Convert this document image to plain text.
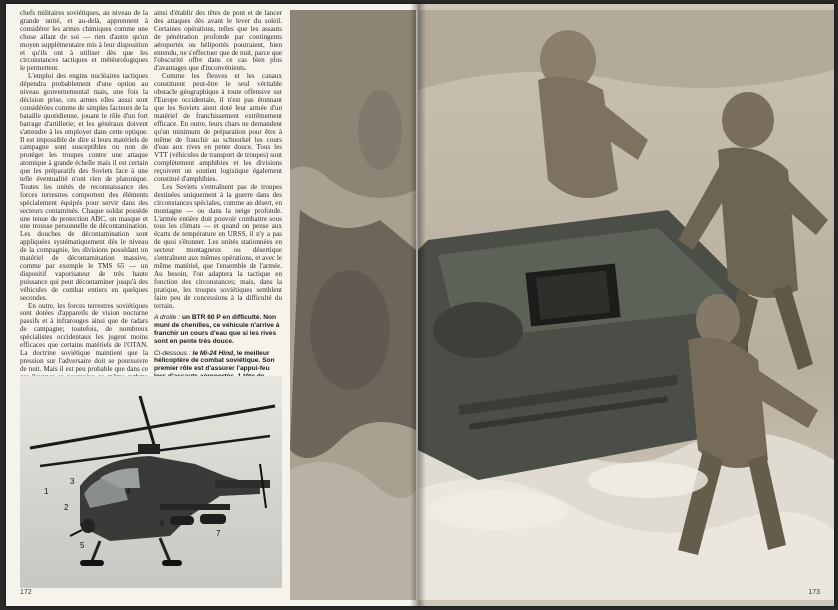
chefs militaires soviétiques, au niveau de la grande unité, et au-delà, apprennent à considérer les armes chimiques comme une chose allant de soi — rien d'autre qu'un moyen supplémentaire mis à leur disposition et qu'ils ont à utiliser dès que les circonstances tactiques et météorologiques le permettent.

L'emploi des engins nucléaires tactiques dépendra probablement d'une option au niveau gouvernemental mais, une fois la décision prise, ces armes elles aussi sont considérées comme de simples facteurs de la bataille quotidienne, jouant le rôle d'un fort barrage d'artillerie; et les généraux doivent s'attendre à les employer dans cette optique. Il est impossible de dire si leurs matériels de campagne sont susceptibles ou non de protéger les troupes contre une attaque atomique à grande échelle mais il est certain que les préparatifs des Soviets face à une telle éventualité n'ont rien de platonique. Toutes les unités de reconnaissance des forces terrestres comportent des éléments spécialement équipés pour servir dans des secteurs contaminés. Chaque soldat possède une tenue de protection ABC, un masque et une trousse personnelle de décontamination. Les douches de décontamination sont appliquées systématiquement dès le niveau de la compagnie, les divisions possédant un matériel de décontamination massive, comme par exemple le TMS 65 — un dispositif vaporisateur de très haute puissance qui peut décontaminer jusqu'à des véhicules de combat entiers en quelques secondes.

En outre, les forces terrestres soviétiques sont dotées d'appareils de vision nocturne passifs et à infrarouges ainsi que de radars de campagne; toutefois, de nombreux spécialistes occidentaux les jugent moins efficaces que certains matériels de l'OTAN. La doctrine soviétique maintient que la pression sur l'adversaire doit se poursuivre de nuit. Mais il est peu probable que dans ce

ainsi d'établir des têtes de pont et de lancer des attaques dès avant le lever du soleil. Certaines opérations, telles que les assauts de pénétration profonde par contingents aéroportés ou héliportés pourraient, bien entendu, ne s'effectuer que de nuit, parce que l'obscurité offre dans ce cas bien plus d'avantages que d'inconvénients.

Comme les fleuves et les canaux constituent peut-être le seul véritable obstacle géographique à toute offensive sur l'Europe occidentale, il n'est pas étonnant que les Soviets aient doté leur armée d'un matériel de franchissement extrêmement efficace. En outre, leurs chars ne demandent qu'un minimum de préparation pour être à même de franchir au schnorkel les cours d'eau aux rives en pente douce. Tous les VTT (véhicules de transport de troupes) sont complètement amphibies et les divisions reçoivent un soutien logistique également constitué d'amphibies.

Les Soviets s'entraînent pas de troupes destinées uniquement à la guerre dans des circonstances spéciales, comme au désert, en montagne — ou dans la neige profonde. L'armée entière doit pouvoir combattre sous tous les climats — et quand on pense aux écarts de température en URSS, il n'y a pas de quoi s'étonner. Les unités stationnées en secteur montagneux ou désertique s'entraînent aux mêmes opérations, et avec le même matériel, que l'ensemble de l'armée. Au besoin, l'on adaptera la tactique en fonction des circonstances; mais, dans la pratique, les troupes soviétiques semblent faire peu de concessions à la difficulté du terrain.

A droite : un BTR 60 P en difficulté. Non muni de chenilles, ce véhicule n'arrive à franchir un cours d'eau que si les rives sont en pente très douce.
Ci-dessous : le Mi-24 Hind, le meilleur hélicoptère de combat soviétique. Son premier rôle est d'assurer l'appui-feu
1
2
3
4
5
6
7
172	173
